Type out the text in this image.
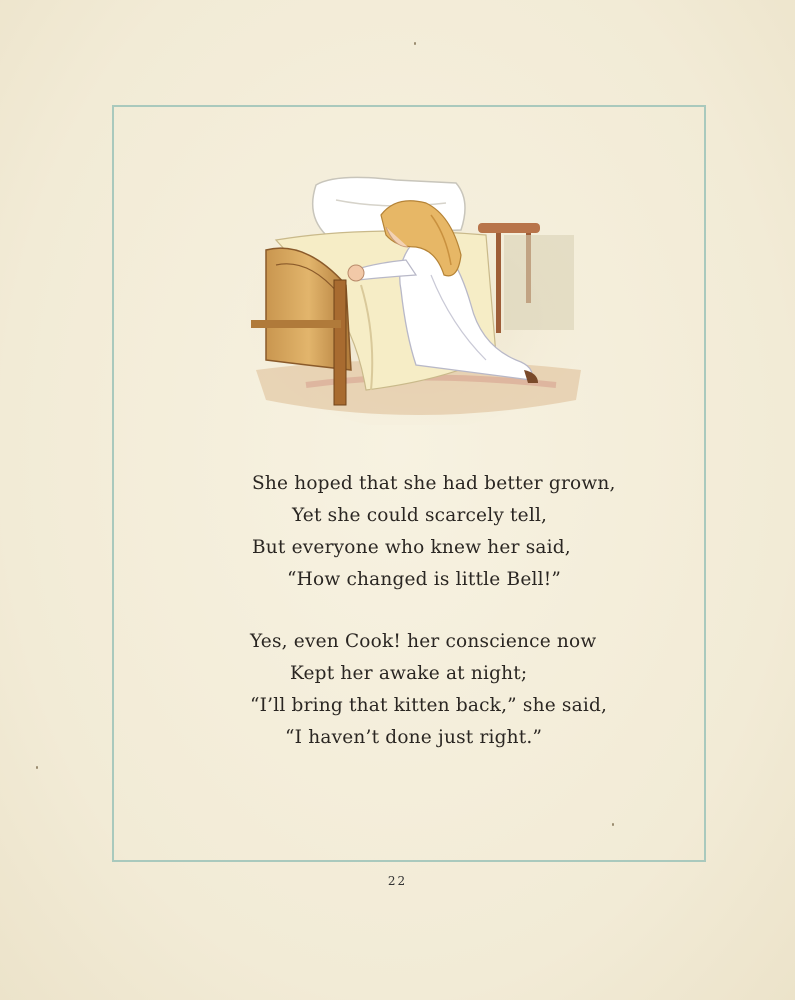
She hoped that she had better grown,
Yet she could scarcely tell,
But everyone who knew her said,
“How changed is little Bell!”
Yes, even Cook! her conscience now
Kept her awake at night;
“I’ll bring that kitten back,” she said,
“I haven’t done just right.”
22
